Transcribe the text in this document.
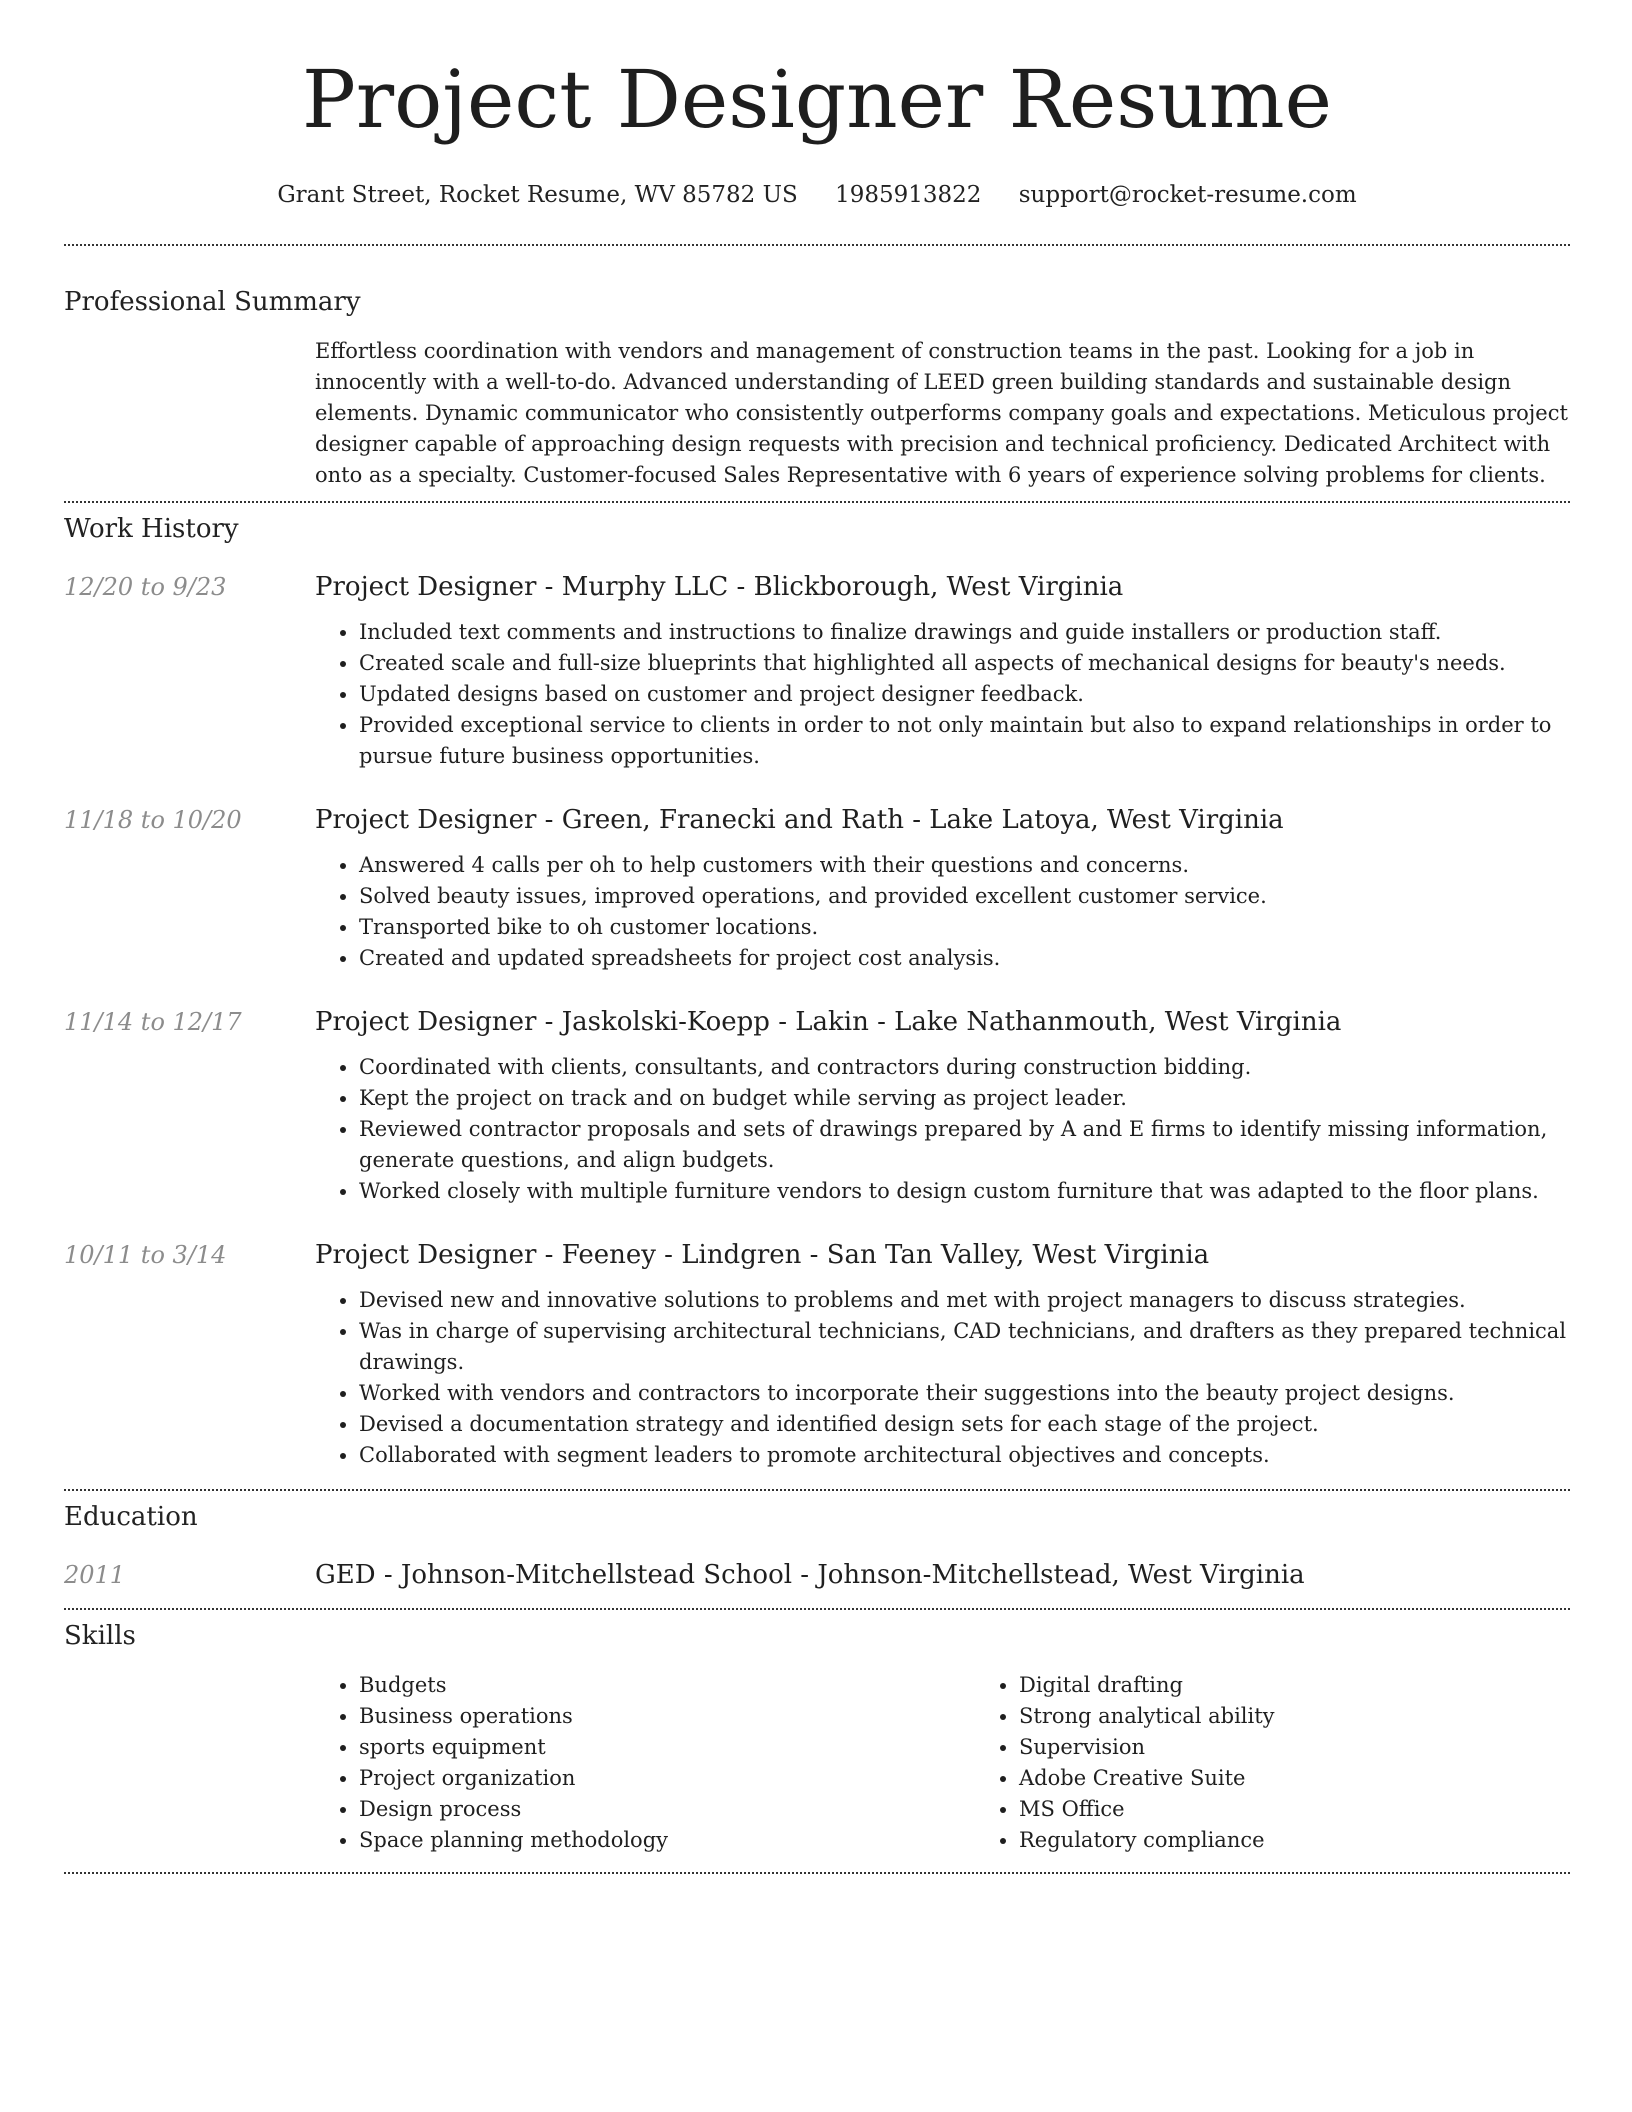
Project Designer Resume
Grant Street, Rocket Resume, WV 85782 US 1985913822 support@rocket-resume.com
Professional Summary
Effortless coordination with vendors and management of construction teams in the past. Looking for a job in innocently with a well-to-do. Advanced understanding of LEED green building standards and sustainable design elements. Dynamic communicator who consistently outperforms company goals and expectations. Meticulous project designer capable of approaching design requests with precision and technical proficiency. Dedicated Architect with onto as a specialty. Customer-focused Sales Representative with 6 years of experience solving problems for clients.
Work History
12/20 to 9/23	Project Designer - Murphy LLC - Blickborough, West Virginia
• Included text comments and instructions to finalize drawings and guide installers or production staff.
• Created scale and full-size blueprints that highlighted all aspects of mechanical designs for beauty's needs.
• Updated designs based on customer and project designer feedback.
• Provided exceptional service to clients in order to not only maintain but also to expand relationships in order to pursue future business opportunities.
11/18 to 10/20	Project Designer - Green, Franecki and Rath - Lake Latoya, West Virginia
• Answered 4 calls per oh to help customers with their questions and concerns.
• Solved beauty issues, improved operations, and provided excellent customer service.
• Transported bike to oh customer locations.
• Created and updated spreadsheets for project cost analysis.
11/14 to 12/17	Project Designer - Jaskolski-Koepp - Lakin - Lake Nathanmouth, West Virginia
• Coordinated with clients, consultants, and contractors during construction bidding.
• Kept the project on track and on budget while serving as project leader.
• Reviewed contractor proposals and sets of drawings prepared by A and E firms to identify missing information, generate questions, and align budgets.
• Worked closely with multiple furniture vendors to design custom furniture that was adapted to the floor plans.
10/11 to 3/14	Project Designer - Feeney - Lindgren - San Tan Valley, West Virginia
• Devised new and innovative solutions to problems and met with project managers to discuss strategies.
• Was in charge of supervising architectural technicians, CAD technicians, and drafters as they prepared technical drawings.
• Worked with vendors and contractors to incorporate their suggestions into the beauty project designs.
• Devised a documentation strategy and identified design sets for each stage of the project.
• Collaborated with segment leaders to promote architectural objectives and concepts.
Education
2011	GED - Johnson-Mitchellstead School - Johnson-Mitchellstead, West Virginia
Skills
• Budgets
• Business operations
• sports equipment
• Project organization
• Design process
• Space planning methodology
• Digital drafting
• Strong analytical ability
• Supervision
• Adobe Creative Suite
• MS Office
• Regulatory compliance
